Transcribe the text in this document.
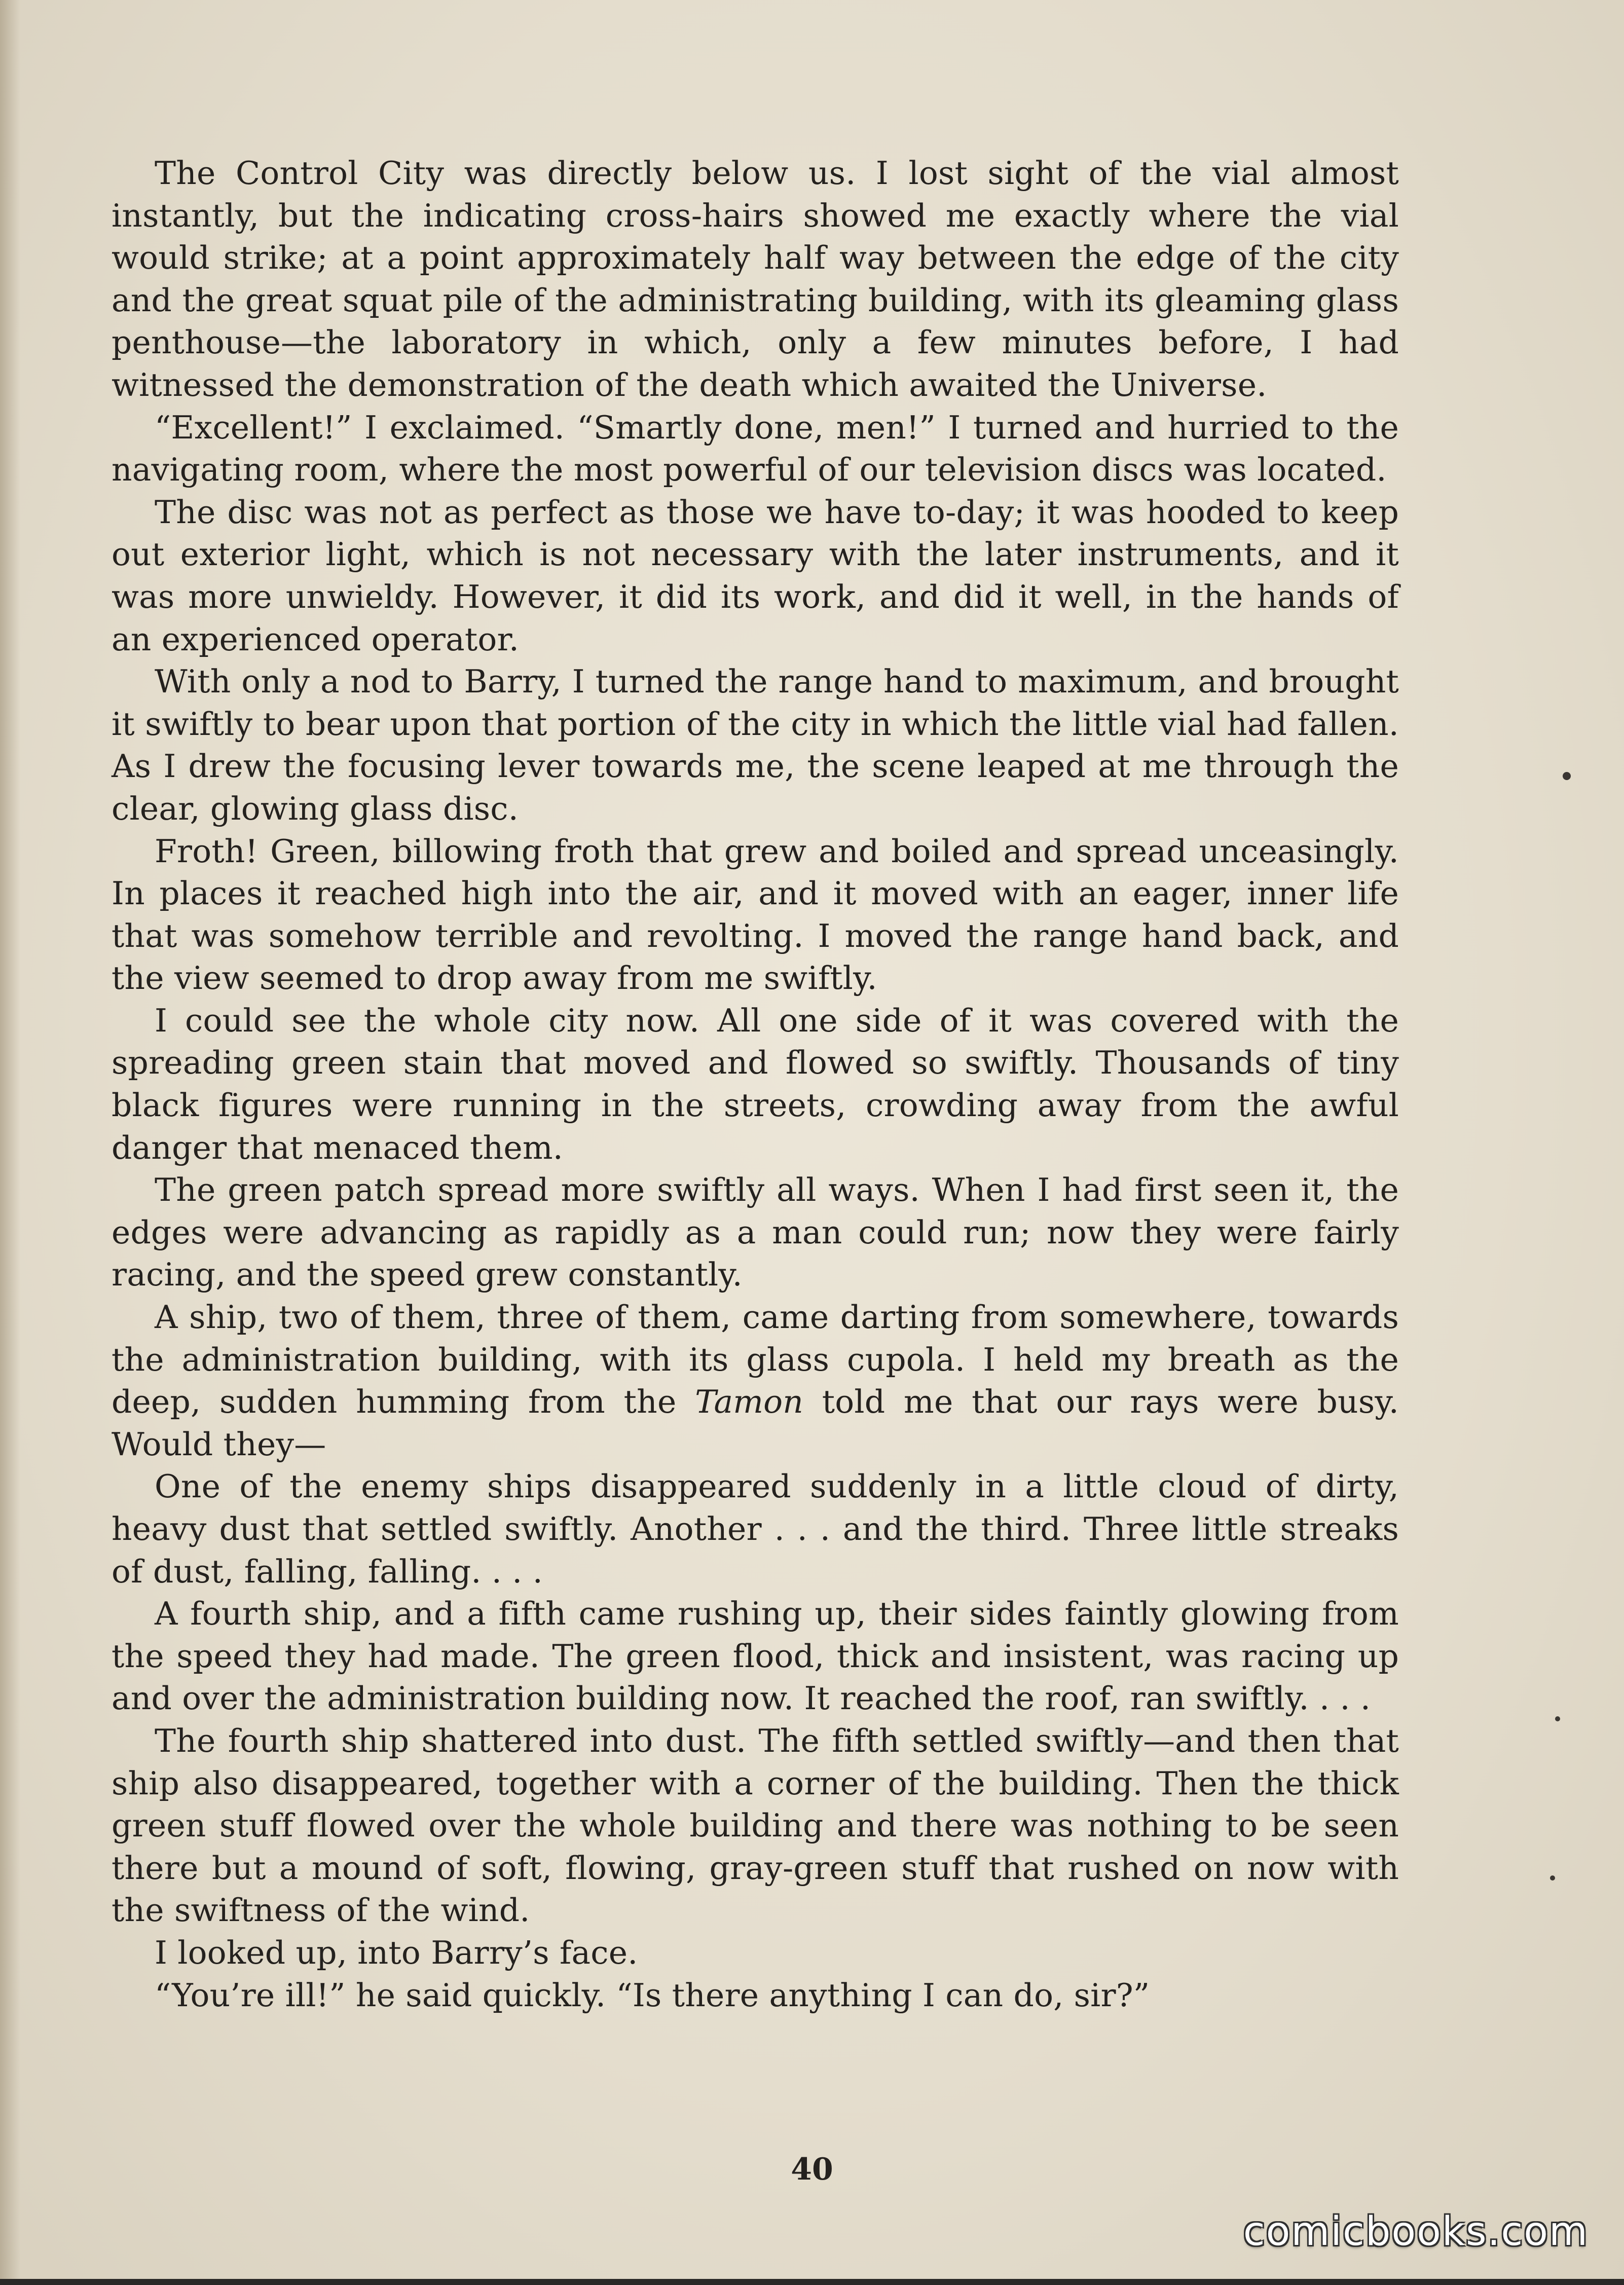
The Control City was directly below us. I lost sight of the vial almost instantly, but the indicating cross-hairs showed me exactly where the vial would strike; at a point approximately half way between the edge of the city and the great squat pile of the administrating building, with its gleaming glass penthouse—the laboratory in which, only a few minutes before, I had witnessed the demonstration of the death which awaited the Universe.

“Excellent!” I exclaimed. “Smartly done, men!” I turned and hurried to the navigating room, where the most powerful of our television discs was located.

The disc was not as perfect as those we have to-day; it was hooded to keep out exterior light, which is not necessary with the later instruments, and it was more unwieldy. However, it did its work, and did it well, in the hands of an experienced operator.

With only a nod to Barry, I turned the range hand to maximum, and brought it swiftly to bear upon that portion of the city in which the little vial had fallen. As I drew the focusing lever towards me, the scene leaped at me through the clear, glowing glass disc.

Froth! Green, billowing froth that grew and boiled and spread unceasingly. In places it reached high into the air, and it moved with an eager, inner life that was somehow terrible and revolting. I moved the range hand back, and the view seemed to drop away from me swiftly.

I could see the whole city now. All one side of it was covered with the spreading green stain that moved and flowed so swiftly. Thousands of tiny black figures were running in the streets, crowding away from the awful danger that menaced them.

The green patch spread more swiftly all ways. When I had first seen it, the edges were advancing as rapidly as a man could run; now they were fairly racing, and the speed grew constantly.

A ship, two of them, three of them, came darting from somewhere, towards the administration building, with its glass cupola. I held my breath as the deep, sudden humming from the Tamon told me that our rays were busy. Would they—

One of the enemy ships disappeared suddenly in a little cloud of dirty, heavy dust that settled swiftly. Another . . . and the third. Three little streaks of dust, falling, falling. . . .

A fourth ship, and a fifth came rushing up, their sides faintly glowing from the speed they had made. The green flood, thick and insistent, was racing up and over the administration building now. It reached the roof, ran swiftly. . . .

The fourth ship shattered into dust. The fifth settled swiftly—and then that ship also disappeared, together with a corner of the building. Then the thick green stuff flowed over the whole building and there was nothing to be seen there but a mound of soft, flowing, gray-green stuff that rushed on now with the swiftness of the wind.

I looked up, into Barry’s face.

“You’re ill!” he said quickly. “Is there anything I can do, sir?”

40
comicbooks.com
